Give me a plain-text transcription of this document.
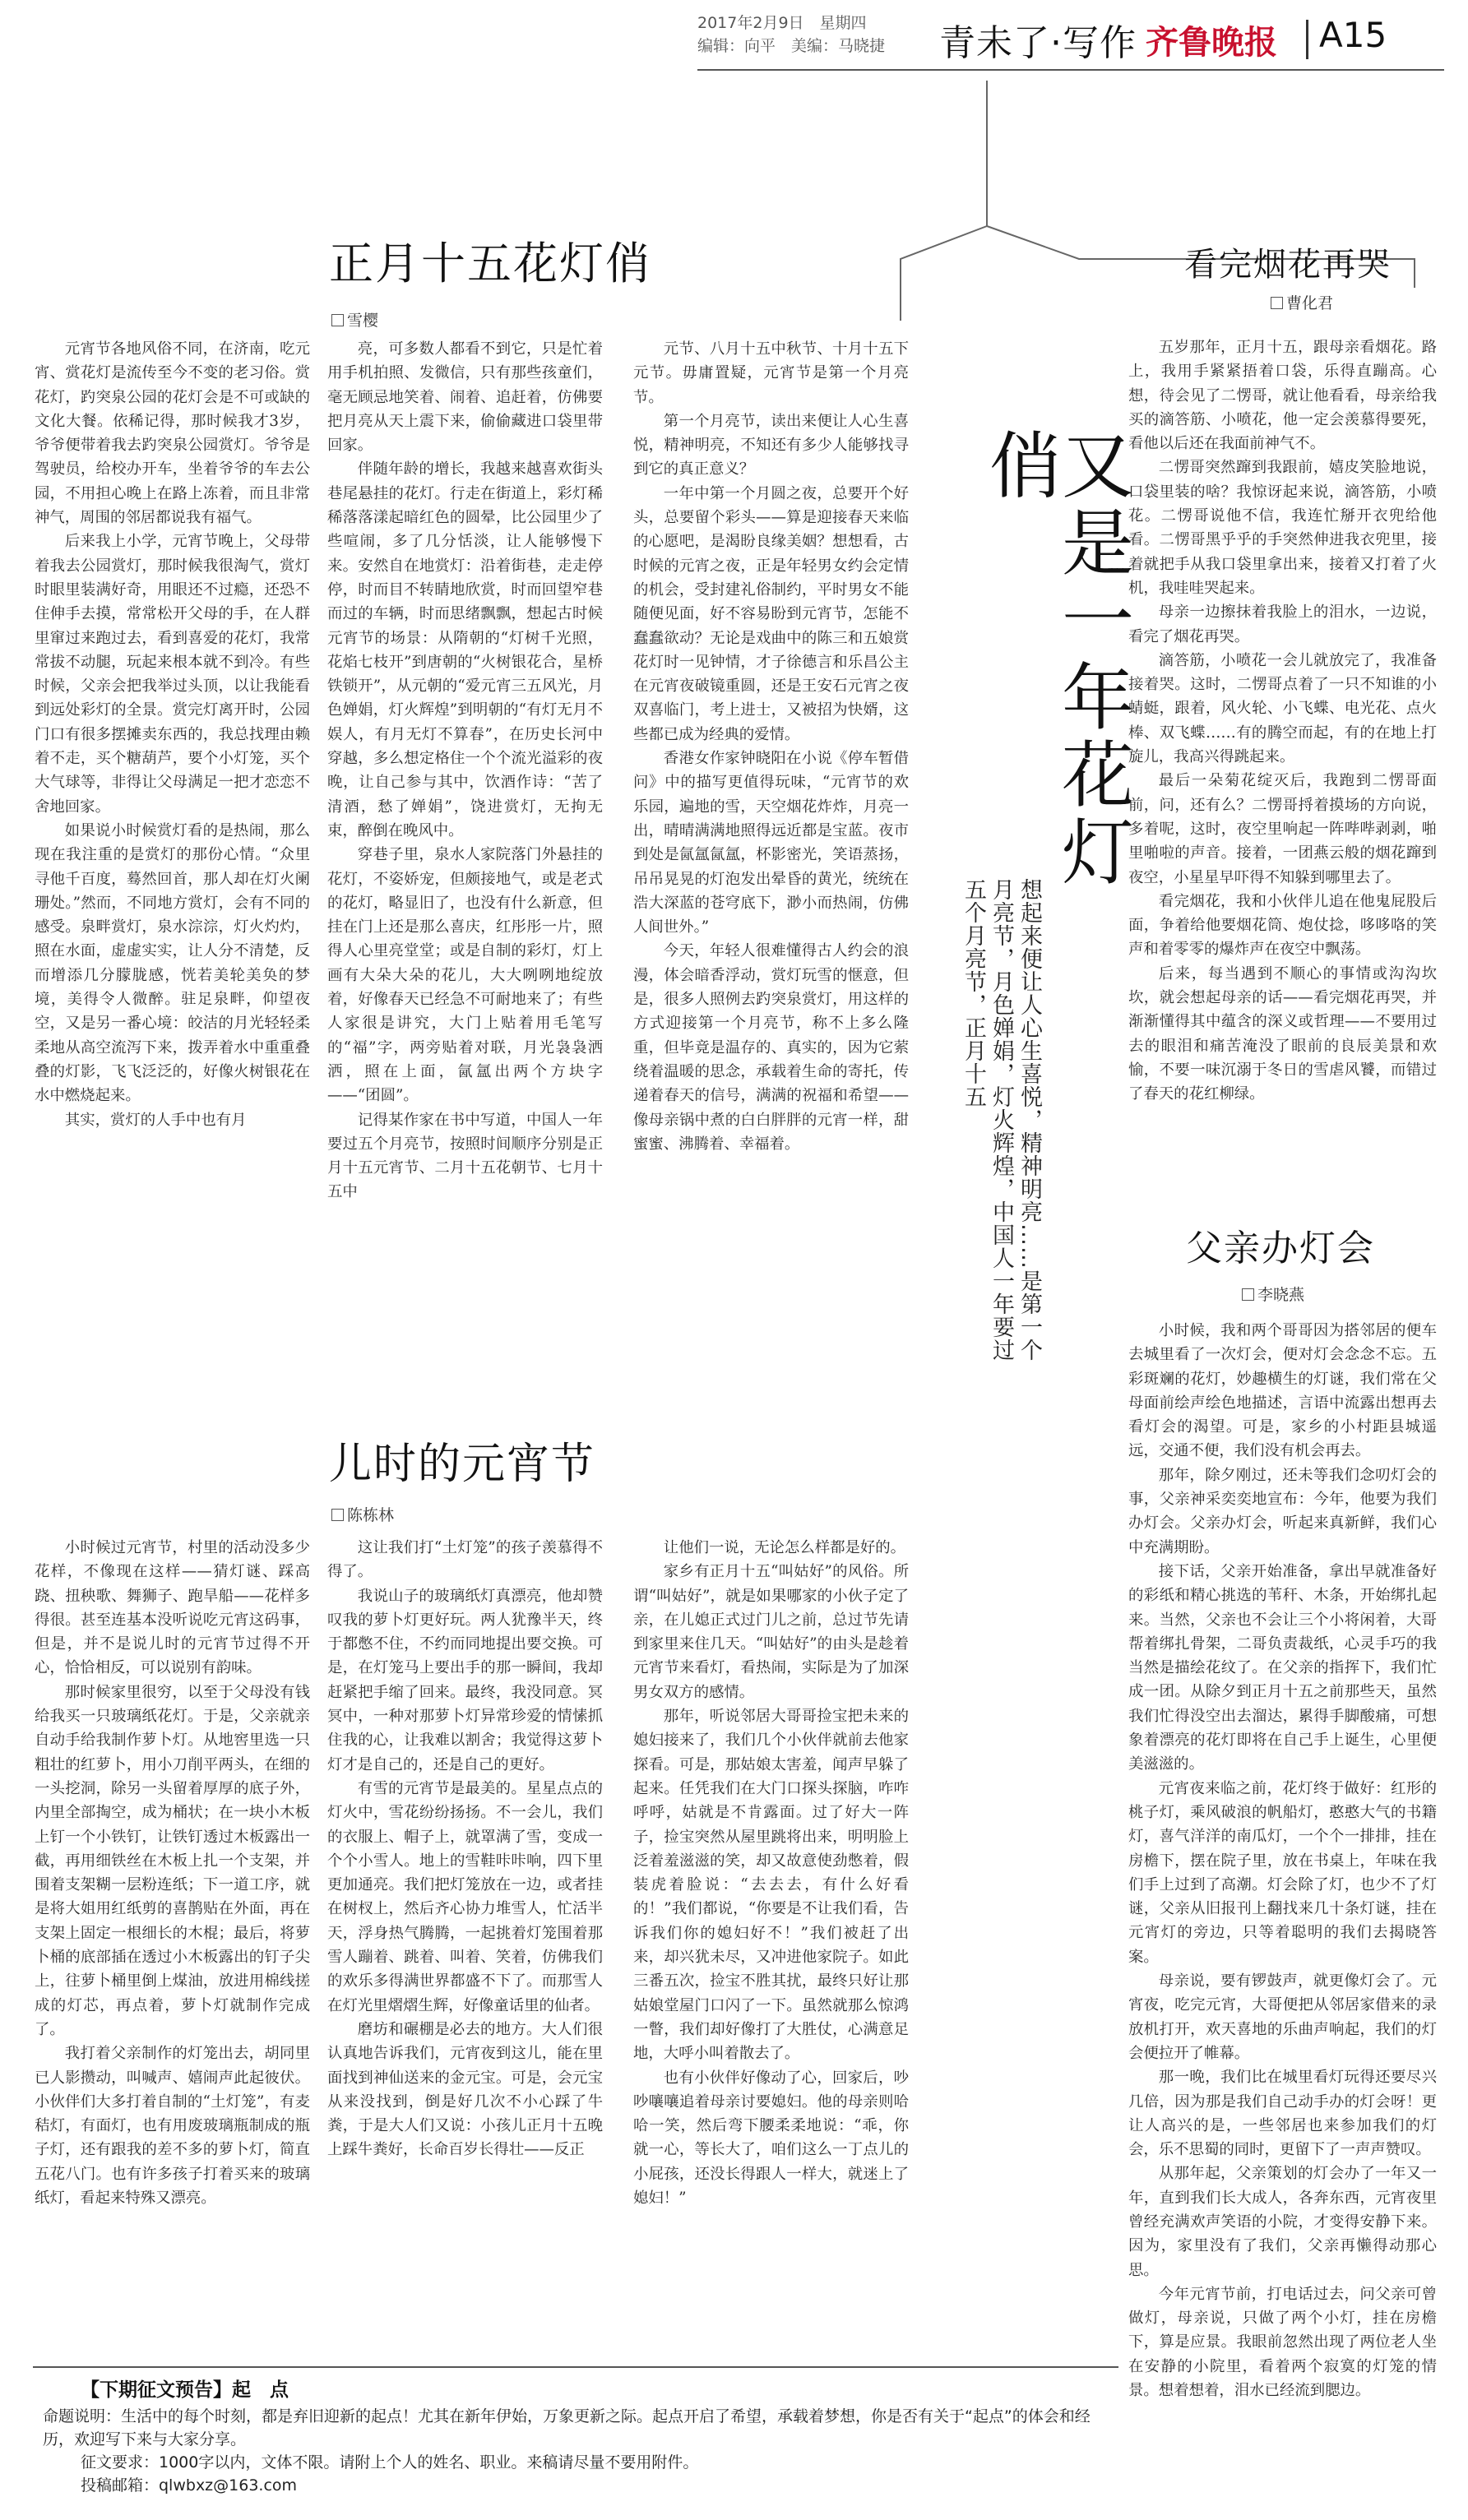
2017年2月9日　星期四
编辑：向平　美编：马晓捷 青未了·写作 齐鲁晚报 A15
正月十五花灯俏
雪樱

元宵节各地风俗不同，在济南，吃元宵、赏花灯是流传至今不变的老习俗。赏花灯，趵突泉公园的花灯会是不可或缺的文化大餐。依稀记得，那时候我才3岁，爷爷便带着我去趵突泉公园赏灯。爷爷是驾驶员，给校办开车，坐着爷爷的车去公园，不用担心晚上在路上冻着，而且非常神气，周围的邻居都说我有福气。

后来我上小学，元宵节晚上，父母带着我去公园赏灯，那时候我很淘气，赏灯时眼里装满好奇，用眼还不过瘾，还恐不住伸手去摸，常常松开父母的手，在人群里窜过来跑过去，看到喜爱的花灯，我常常拔不动腿，玩起来根本就不到冷。有些时候，父亲会把我举过头顶，以让我能看到远处彩灯的全景。赏完灯离开时，公园门口有很多摆摊卖东西的，我总找理由赖着不走，买个糖葫芦，要个小灯笼，买个大气球等，非得让父母满足一把才恋恋不舍地回家。

如果说小时候赏灯看的是热闹，那么现在我注重的是赏灯的那份心情。“众里寻他千百度，蓦然回首，那人却在灯火阑珊处。”然而，不同地方赏灯，会有不同的感受。泉畔赏灯，泉水淙淙，灯火灼灼，照在水面，虚虚实实，让人分不清楚，反而增添几分朦胧感，恍若美轮美奂的梦境，美得令人微醉。驻足泉畔，仰望夜空，又是另一番心境：皎洁的月光轻轻柔柔地从高空流泻下来，拨弄着水中重重叠叠的灯影，飞飞泛泛的，好像火树银花在水中燃烧起来。

其实，赏灯的人手中也有月

亮，可多数人都看不到它，只是忙着用手机拍照、发微信，只有那些孩童们，毫无顾忌地笑着、闹着、追赶着，仿佛要把月亮从天上震下来，偷偷藏进口袋里带回家。

伴随年龄的增长，我越来越喜欢街头巷尾悬挂的花灯。行走在街道上，彩灯稀稀落落漾起暗红色的圆晕，比公园里少了些喧闹，多了几分恬淡，让人能够慢下来。安然自在地赏灯：沿着街巷，走走停停，时而目不转睛地欣赏，时而回望窄巷而过的车辆，时而思绪飘飘，想起古时候元宵节的场景：从隋朝的“灯树千光照，花焰七枝开”到唐朝的“火树银花合，星桥铁锁开”，从元朝的“爱元宵三五风光，月色婵娟，灯火辉煌”到明朝的“有灯无月不娱人，有月无灯不算春”，在历史长河中穿越，多么想定格住一个个流光溢彩的夜晚，让自己参与其中，饮酒作诗：“苦了清酒，愁了婵娟”，饶进赏灯，无拘无束，醉倒在晚风中。

穿巷子里，泉水人家院落门外悬挂的花灯，不姿娇宠，但颇接地气，或是老式的花灯，略显旧了，也没有什么新意，但挂在门上还是那么喜庆，红彤彤一片，照得人心里亮堂堂；或是自制的彩灯，灯上画有大朵大朵的花儿，大大咧咧地绽放着，好像春天已经急不可耐地来了；有些人家很是讲究，大门上贴着用毛笔写的“福”字，两旁贴着对联，月光袅袅洒洒，照在上面，氤氲出两个方块字——“团圆”。

记得某作家在书中写道，中国人一年要过五个月亮节，按照时间顺序分别是正月十五元宵节、二月十五花朝节、七月十五中

元节、八月十五中秋节、十月十五下元节。毋庸置疑，元宵节是第一个月亮节。

第一个月亮节，读出来便让人心生喜悦，精神明亮，不知还有多少人能够找寻到它的真正意义？

一年中第一个月圆之夜，总要开个好头，总要留个彩头——算是迎接春天来临的心愿吧，是渴盼良缘美姻？想想看，古时候的元宵之夜，正是年轻男女约会定情的机会，受封建礼俗制约，平时男女不能随便见面，好不容易盼到元宵节，怎能不蠢蠢欲动？无论是戏曲中的陈三和五娘赏花灯时一见钟情，才子徐德言和乐昌公主在元宵夜破镜重圆，还是王安石元宵之夜双喜临门，考上进士，又被招为快婿，这些都已成为经典的爱情。

香港女作家钟晓阳在小说《停车暂借问》中的描写更值得玩味，“元宵节的欢乐园，遍地的雪，天空烟花炸炸，月亮一出，晴晴满满地照得远近都是宝蓝。夜市到处是氤氲氤氲，杯影密光，笑语蒸扬，吊吊晃晃的灯泡发出晕昏的黄光，统统在浩大深蓝的苍穹底下，渺小而热闹，仿佛人间世外。”

今天，年轻人很难懂得古人约会的浪漫，体会暗香浮动，赏灯玩雪的惬意，但是，很多人照例去趵突泉赏灯，用这样的方式迎接第一个月亮节，称不上多么隆重，但毕竟是温存的、真实的，因为它萦绕着温暖的思念，承载着生命的寄托，传递着春天的信号，满满的祝福和希望——像母亲锅中煮的白白胖胖的元宵一样，甜蜜蜜、沸腾着、幸福着。

又是一年花灯俏
想起来便让人心生喜悦，精神明亮……是第一个月亮节，月色婵娟，灯火辉煌，中国人一年要过五个月亮节，正月十五
看完烟花再哭
曹化君

五岁那年，正月十五，跟母亲看烟花。路上，我用手紧紧捂着口袋，乐得直蹦高。心想，待会见了二愣哥，就让他看看，母亲给我买的滴答筋、小喷花，他一定会羡慕得要死，看他以后还在我面前神气不。

二愣哥突然蹿到我跟前，嬉皮笑脸地说，口袋里装的啥？我惊讶起来说，滴答筋，小喷花。二愣哥说他不信，我连忙掰开衣兜给他看。二愣哥黑乎乎的手突然伸进我衣兜里，接着就把手从我口袋里拿出来，接着又打着了火机，我哇哇哭起来。

母亲一边擦抹着我脸上的泪水，一边说，看完了烟花再哭。

滴答筋，小喷花一会儿就放完了，我准备接着哭。这时，二愣哥点着了一只不知谁的小蜻蜓，跟着，风火轮、小飞蝶、电光花、点火棒、双飞蝶……有的腾空而起，有的在地上打旋儿，我高兴得跳起来。

最后一朵菊花绽灭后，我跑到二愣哥面前，问，还有么？二愣哥捋着摸场的方向说，多着呢，这时，夜空里响起一阵哔哔剥剥，啪里啪啦的声音。接着，一团燕云般的烟花蹿到夜空，小星星早吓得不知躲到哪里去了。

看完烟花，我和小伙伴儿追在他鬼屁股后面，争着给他要烟花筒、炮仗捻，哆哆咯的笑声和着零零的爆炸声在夜空中飘荡。

后来，每当遇到不顺心的事情或沟沟坎坎，就会想起母亲的话——看完烟花再哭，并渐渐懂得其中蕴含的深义或哲理——不要用过去的眼泪和痛苦淹没了眼前的良辰美景和欢愉，不要一味沉溺于冬日的雪虐风饕，而错过了春天的花红柳绿。

父亲办灯会
李晓燕

小时候，我和两个哥哥因为搭邻居的便车去城里看了一次灯会，便对灯会念念不忘。五彩斑斓的花灯，妙趣横生的灯谜，我们常在父母面前绘声绘色地描述，言语中流露出想再去看灯会的渴望。可是，家乡的小村距县城遥远，交通不便，我们没有机会再去。

那年，除夕刚过，还未等我们念叨灯会的事，父亲神采奕奕地宣布：今年，他要为我们办灯会。父亲办灯会，听起来真新鲜，我们心中充满期盼。

接下话，父亲开始准备，拿出早就准备好的彩纸和精心挑选的苇秆、木条，开始绑扎起来。当然，父亲也不会让三个小将闲着，大哥帮着绑扎骨架，二哥负责裁纸，心灵手巧的我当然是描绘花纹了。在父亲的指挥下，我们忙成一团。从除夕到正月十五之前那些天，虽然我们忙得没空出去溜达，累得手脚酸痛，可想象着漂亮的花灯即将在自己手上诞生，心里便美滋滋的。

元宵夜来临之前，花灯终于做好：红形的桃子灯，乘风破浪的帆船灯，憨憨大气的书籍灯，喜气洋洋的南瓜灯，一个个一排排，挂在房檐下，摆在院子里，放在书桌上，年味在我们手上过到了高潮。灯会除了灯，也少不了灯谜，父亲从旧报刊上翻找来几十条灯谜，挂在元宵灯的旁边，只等着聪明的我们去揭晓答案。

母亲说，要有锣鼓声，就更像灯会了。元宵夜，吃完元宵，大哥便把从邻居家借来的录放机打开，欢天喜地的乐曲声响起，我们的灯会便拉开了帷幕。

那一晚，我们比在城里看灯玩得还要尽兴几倍，因为那是我们自己动手办的灯会呀！更让人高兴的是，一些邻居也来参加我们的灯会，乐不思蜀的同时，更留下了一声声赞叹。

从那年起，父亲策划的灯会办了一年又一年，直到我们长大成人，各奔东西，元宵夜里曾经充满欢声笑语的小院，才变得安静下来。因为，家里没有了我们，父亲再懒得动那心思。

今年元宵节前，打电话过去，问父亲可曾做灯，母亲说，只做了两个小灯，挂在房檐下，算是应景。我眼前忽然出现了两位老人坐在安静的小院里，看着两个寂寞的灯笼的情景。想着想着，泪水已经流到腮边。

儿时的元宵节
陈栋林

小时候过元宵节，村里的活动没多少花样，不像现在这样——猜灯谜、踩高跷、扭秧歌、舞狮子、跑旱船——花样多得很。甚至连基本没听说吃元宵这码事，但是，并不是说儿时的元宵节过得不开心，恰恰相反，可以说别有韵味。

那时候家里很穷，以至于父母没有钱给我买一只玻璃纸花灯。于是，父亲就亲自动手给我制作萝卜灯。从地窖里选一只粗壮的红萝卜，用小刀削平两头，在细的一头挖洞，除另一头留着厚厚的底子外，内里全部掏空，成为桶状；在一块小木板上钉一个小铁钉，让铁钉透过木板露出一截，再用细铁丝在木板上扎一个支架，并围着支架糊一层粉连纸；下一道工序，就是将大姐用红纸剪的喜鹊贴在外面，再在支架上固定一根细长的木棍；最后，将萝卜桶的底部插在透过小木板露出的钉子尖上，往萝卜桶里倒上煤油，放进用棉线搓成的灯芯，再点着，萝卜灯就制作完成了。

我打着父亲制作的灯笼出去，胡同里已人影攒动，叫喊声、嬉闹声此起彼伏。小伙伴们大多打着自制的“土灯笼”，有麦秸灯，有面灯，也有用废玻璃瓶制成的瓶子灯，还有跟我的差不多的萝卜灯，简直五花八门。也有许多孩子打着买来的玻璃纸灯，看起来特殊又漂亮。

这让我们打“土灯笼”的孩子羡慕得不得了。

我说山子的玻璃纸灯真漂亮，他却赞叹我的萝卜灯更好玩。两人犹豫半天，终于都憋不住，不约而同地提出要交换。可是，在灯笼马上要出手的那一瞬间，我却赶紧把手缩了回来。最终，我没同意。冥冥中，一种对那萝卜灯异常珍爱的情愫抓住我的心，让我难以割舍；我觉得这萝卜灯才是自己的，还是自己的更好。

有雪的元宵节是最美的。星星点点的灯火中，雪花纷纷扬扬。不一会儿，我们的衣服上、帽子上，就罩满了雪，变成一个个小雪人。地上的雪鞋咔咔响，四下里更加通亮。我们把灯笼放在一边，或者挂在树杈上，然后齐心协力堆雪人，忙活半天，浮身热气腾腾，一起挑着灯笼围着那雪人蹦着、跳着、叫着、笑着，仿佛我们的欢乐多得满世界都盛不下了。而那雪人在灯光里熠熠生辉，好像童话里的仙者。

磨坊和碾棚是必去的地方。大人们很认真地告诉我们，元宵夜到这儿，能在里面找到神仙送来的金元宝。可是，会元宝从来没找到，倒是好几次不小心踩了牛粪，于是大人们又说：小孩儿正月十五晚上踩牛粪好，长命百岁长得壮——反正

让他们一说，无论怎么样都是好的。

家乡有正月十五“叫姑好”的风俗。所谓“叫姑好”，就是如果哪家的小伙子定了亲，在儿媳正式过门儿之前，总过节先请到家里来住几天。“叫姑好”的由头是趁着元宵节来看灯，看热闹，实际是为了加深男女双方的感情。

那年，听说邻居大哥哥捡宝把未来的媳妇接来了，我们几个小伙伴就前去他家探看。可是，那姑娘太害羞，闻声早躲了起来。任凭我们在大门口探头探脑，咋咋呼呼，姑就是不肯露面。过了好大一阵子，捡宝突然从屋里跳将出来，明明脸上泛着羞滋滋的笑，却又故意使劲憋着，假装虎着脸说：“去去去，有什么好看的！”我们都说，“你要是不让我们看，告诉我们你的媳妇好不！”我们被赶了出来，却兴犹未尽，又冲进他家院子。如此三番五次，捡宝不胜其扰，最终只好让那姑娘堂屋门口闪了一下。虽然就那么惊鸿一瞥，我们却好像打了大胜仗，心满意足地，大呼小叫着散去了。

也有小伙伴好像动了心，回家后，吵吵嚷嚷追着母亲讨要媳妇。他的母亲则哈哈一笑，然后弯下腰柔柔地说：“乖，你就一心，等长大了，咱们这么一丁点儿的小屁孩，还没长得跟人一样大，就迷上了媳妇！”

【下期征文预告】起　点
命题说明：生活中的每个时刻，都是弃旧迎新的起点！尤其在新年伊始，万象更新之际。起点开启了希望，承载着梦想，你是否有关于“起点”的体会和经历，欢迎写下来与大家分享。
征文要求：1000字以内，文体不限。请附上个人的姓名、职业。来稿请尽量不要用附件。
投稿邮箱：qlwbxz@163.com
